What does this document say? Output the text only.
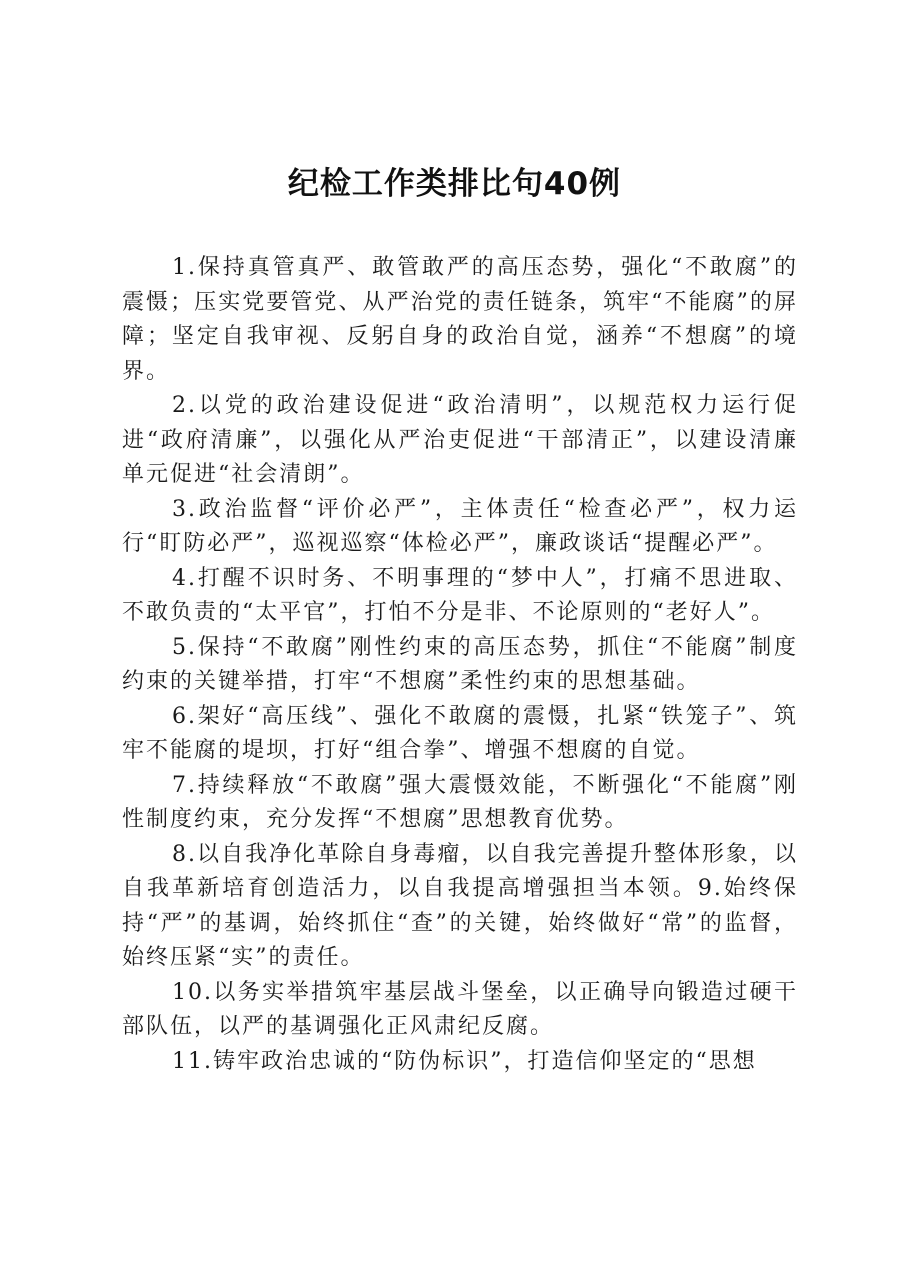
纪检工作类排比句40例

1.保持真管真严、敢管敢严的高压态势，强化“不敢腐”的震慑；压实党要管党、从严治党的责任链条，筑牢“不能腐”的屏障；坚定自我审视、反躬自身的政治自觉，涵养“不想腐”的境界。

2.以党的政治建设促进“政治清明”，以规范权力运行促进“政府清廉”，以强化从严治吏促进“干部清正”，以建设清廉单元促进“社会清朗”。

3.政治监督“评价必严”，主体责任“检查必严”，权力运行“盯防必严”，巡视巡察“体检必严”，廉政谈话“提醒必严”。

4.打醒不识时务、不明事理的“梦中人”，打痛不思进取、不敢负责的“太平官”，打怕不分是非、不论原则的“老好人”。

5.保持“不敢腐”刚性约束的高压态势，抓住“不能腐”制度约束的关键举措，打牢“不想腐”柔性约束的思想基础。

6.架好“高压线”、强化不敢腐的震慑，扎紧“铁笼子”、筑牢不能腐的堤坝，打好“组合拳”、增强不想腐的自觉。

7.持续释放“不敢腐”强大震慑效能，不断强化“不能腐”刚性制度约束，充分发挥“不想腐”思想教育优势。

8.以自我净化革除自身毒瘤，以自我完善提升整体形象，以自我革新培育创造活力，以自我提高增强担当本领。9.始终保持“严”的基调，始终抓住“查”的关键，始终做好“常”的监督，始终压紧“实”的责任。

10.以务实举措筑牢基层战斗堡垒，以正确导向锻造过硬干部队伍，以严的基调强化正风肃纪反腐。

11.铸牢政治忠诚的“防伪标识”，打造信仰坚定的“思想
